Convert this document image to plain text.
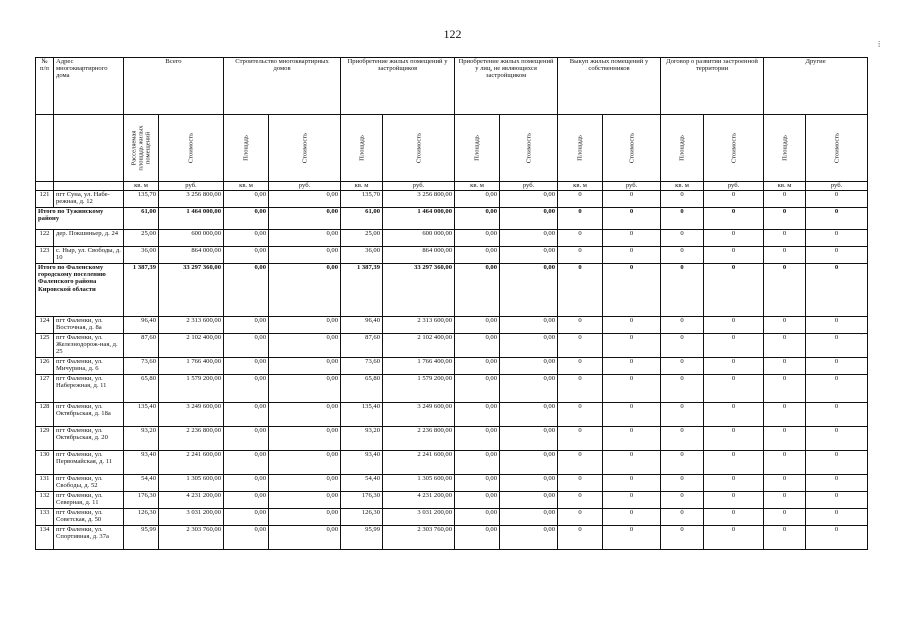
122
№ п/п	Адрес многоквартирного дома	Всего		Строительство многоквартирных домов		Приобретение жилых помещений у застройщиков		Приобретение жилых помещений у лиц, не являющихся застройщиком		Выкуп жилых помещений у собственников		Договор о развитии застроенной территории		Другие	

		Расселяемая площадь жилых помещений	Стоимость	Площадь	Стоимость	Площадь	Стоимость	Площадь	Стоимость	Площадь	Стоимость	Площадь	Стоимость	Площадь	Стоимость

		кв. м	руб.	кв. м	руб.	кв. м	руб.	кв. м	руб.	кв. м	руб.	кв. м	руб.	кв. м	руб.
121	пгт Суна, ул. Набе-режная, д. 12	135,70	3 256 800,00	0,00	0,00	135,70	3 256 800,00	0,00	0,00	0	0	0	0	0	0
Итого по Тужинскому району		61,00	1 464 000,00	0,00	0,00	61,00	1 464 000,00	0,00	0,00	0	0	0	0	0	0
122	дер. Покшиньер, д. 24	25,00	600 000,00	0,00	0,00	25,00	600 000,00	0,00	0,00	0	0	0	0	0	0
123	с. Ныр, ул. Свободы, д. 10	36,00	864 000,00	0,00	0,00	36,00	864 000,00	0,00	0,00	0	0	0	0	0	0
Итого по Фаленскому городскому поселению Фаленского района Кировской области		1 387,39	33 297 360,00	0,00	0,00	1 387,39	33 297 360,00	0,00	0,00	0	0	0	0	0	0
124	пгт Фаленки, ул. Восточная, д. 8а	96,40	2 313 600,00	0,00	0,00	96,40	2 313 600,00	0,00	0,00	0	0	0	0	0	0
125	пгт Фаленки, ул. Железнодорож-ная, д. 25	87,60	2 102 400,00	0,00	0,00	87,60	2 102 400,00	0,00	0,00	0	0	0	0	0	0
126	пгт Фаленки, ул. Мичурина, д. 6	73,60	1 766 400,00	0,00	0,00	73,60	1 766 400,00	0,00	0,00	0	0	0	0	0	0
127	пгт Фаленки, ул. Набережная, д. 11	65,80	1 579 200,00	0,00	0,00	65,80	1 579 200,00	0,00	0,00	0	0	0	0	0	0
128	пгт Фаленки, ул. Октябрьская, д. 18а	135,40	3 249 600,00	0,00	0,00	135,40	3 249 600,00	0,00	0,00	0	0	0	0	0	0
129	пгт Фаленки, ул. Октябрьская, д. 20	93,20	2 236 800,00	0,00	0,00	93,20	2 236 800,00	0,00	0,00	0	0	0	0	0	0
130	пгт Фаленки, ул. Первомайская, д. 11	93,40	2 241 600,00	0,00	0,00	93,40	2 241 600,00	0,00	0,00	0	0	0	0	0	0
131	пгт Фаленки, ул. Свободы, д. 52	54,40	1 305 600,00	0,00	0,00	54,40	1 305 600,00	0,00	0,00	0	0	0	0	0	0
132	пгт Фаленки, ул. Северная, д. 11	176,30	4 231 200,00	0,00	0,00	176,30	4 231 200,00	0,00	0,00	0	0	0	0	0	0
133	пгт Фаленки, ул. Советская, д. 50	126,30	3 031 200,00	0,00	0,00	126,30	3 031 200,00	0,00	0,00	0	0	0	0	0	0
134	пгт Фаленки, ул. Спортивная, д. 37а	95,99	2 303 760,00	0,00	0,00	95,99	2 303 760,00	0,00	0,00	0	0	0	0	0	0
⁞
·
